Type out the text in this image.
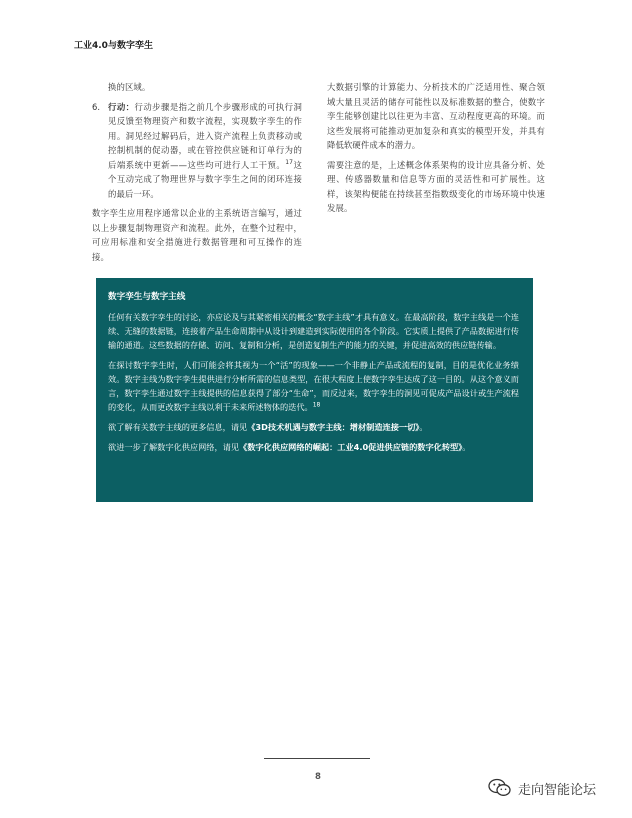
工业4.0与数字孪生

换的区域。

6. 行动：行动步骤是指之前几个步骤形成的可执行洞见反馈至物理资产和数字流程，实现数字孪生的作用。洞见经过解码后，进入资产流程上负责移动或控制机制的促动器，或在管控供应链和订单行为的后端系统中更新——这些均可进行人工干预。$^{17}$这个互动完成了物理世界与数字孪生之间的闭环连接的最后一环。

数字孪生应用程序通常以企业的主系统语言编写，通过以上步骤复制物理资产和流程。此外，在整个过程中，可应用标准和安全措施进行数据管理和可互操作的连接。

大数据引擎的计算能力、分析技术的广泛适用性、聚合领域大量且灵活的储存可能性以及标准数据的整合，使数字孪生能够创建比以往更为丰富、互动程度更高的环境。而这些发展将可能推动更加复杂和真实的模型开发，并具有降低软硬件成本的潜力。

需要注意的是，上述概念体系架构的设计应具备分析、处理、传感器数量和信息等方面的灵活性和可扩展性。这样，该架构便能在持续甚至指数级变化的市场环境中快速发展。

数字孪生与数字主线

任何有关数字孪生的讨论，亦应论及与其紧密相关的概念“数字主线”才具有意义。在最高阶段，数字主线是一个连续、无缝的数据链，连接着产品生命周期中从设计到建造到实际使用的各个阶段。它实质上提供了产品数据进行传输的通道。这些数据的存储、访问、复制和分析，是创造复制生产的能力的关键，并促进高效的供应链传输。

在探讨数字孪生时，人们可能会将其视为一个“活”的现象——一个非静止产品或流程的复制，目的是优化业务绩效。数字主线为数字孪生提供进行分析所需的信息类型，在很大程度上使数字孪生达成了这一目的。从这个意义而言，数字孪生通过数字主线提供的信息获得了部分“生命”，而反过来，数字孪生的洞见可促成产品设计或生产流程的变化，从而更改数字主线以利于未来所述物体的迭代。$^{18}$

欲了解有关数字主线的更多信息，请见《3D技术机遇与数字主线：增材制造连接一切》。

欲进一步了解数字化供应网络，请见《数字化供应网络的崛起：工业4.0促进供应链的数字化转型》。

8
走向智能论坛
